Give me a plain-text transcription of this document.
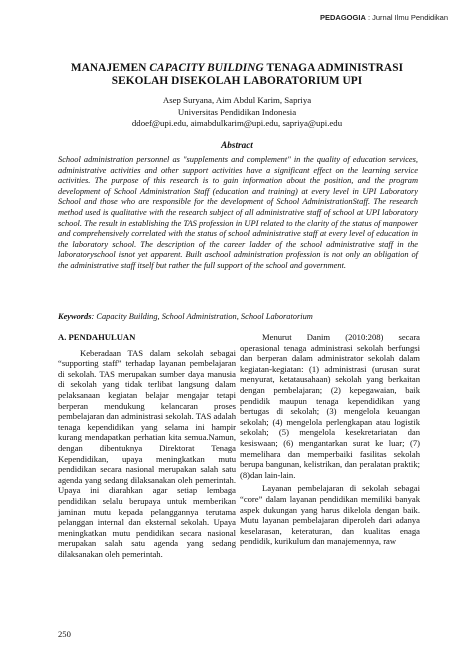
PEDAGOGIA : Jurnal Ilmu Pendidikan
MANAJEMEN CAPACITY BUILDING TENAGA ADMINISTRASI
SEKOLAH DISEKOLAH LABORATORIUM UPI
Asep Suryana, Aim Abdul Karim, Sapriya
Universitas Pendidikan Indonesia
ddoef@upi.edu, aimabdulkarim@upi.edu, sapriya@upi.edu
Abstract
School administration personnel as "supplements and complement" in the quality of education services, administrative activities and other support activities have a significant effect on the learning service activities. The purpose of this research is to gain information about the position, and the program development of School Administration Staff (education and training) at every level in UPI Laboratory School and those who are responsible for the development of School AdministrationStaff. The research method used is qualitative with the research subject of all administrative staff of school at UPI laboratory school. The result in establishing the TAS profession in UPI related to the clarity of the status of manpower and comprehensively correlated with the status of school administrative staff at every level of education in the laboratory school. The description of the career ladder of the school administrative staff in the laboratoryschool isnot yet apparent. Built aschool administration profession is not only an obligation of the administrative staff itself but rather the full support of the school and government.
Keywords: Capacity Building, School Administration, School Laboratorium
A. PENDAHULUAN

Keberadaan TAS dalam sekolah sebagai “supporting staff” terhadap layanan pembelajaran di sekolah. TAS merupakan sumber daya manusia di sekolah yang tidak terlibat langsung dalam pelaksanaan kegiatan belajar mengajar tetapi berperan mendukung kelancaran proses pembelajaran dan administrasi sekolah. TAS adalah tenaga kependidikan yang selama ini hampir kurang mendapatkan perhatian kita semua.Namun, dengan dibentuknya Direktorat Tenaga Kependidikan, upaya meningkatkan mutu pendidikan secara nasional merupakan salah satu agenda yang sedang dilaksanakan oleh pemerintah. Upaya ini diarahkan agar setiap lembaga pendidikan selalu berupaya untuk memberikan jaminan mutu kepada pelanggannya terutama pelanggan internal dan eksternal sekolah. Upaya meningkatkan mutu pendidikan secara nasional merupakan salah satu agenda yang sedang dilaksanakan oleh pemerintah.

Menurut Danim (2010:208) secara operasional tenaga administrasi sekolah berfungsi dan berperan dalam administrator sekolah dalam kegiatan-kegiatan: (1) administrasi (urusan surat menyurat, ketatausahaan) sekolah yang berkaitan dengan pembelajaran; (2) kepegawaian, baik pendidik maupun tenaga kependidikan yang bertugas di sekolah; (3) mengelola keuangan sekolah; (4) mengelola perlengkapan atau logistik sekolah; (5) mengelola kesekretariatan dan kesiswaan; (6) mengantarkan surat ke luar; (7) memelihara dan memperbaiki fasilitas sekolah berupa bangunan, kelistrikan, dan peralatan praktik; (8)dan lain-lain.

Layanan pembelajaran di sekolah sebagai “core” dalam layanan pendidikan memiliki banyak aspek dukungan yang harus dikelola dengan baik. Mutu layanan pembelajaran diperoleh dari adanya keselarasan, keteraturan, dan kualitas enaga pendidik, kurikulum dan manajemennya, raw

250
